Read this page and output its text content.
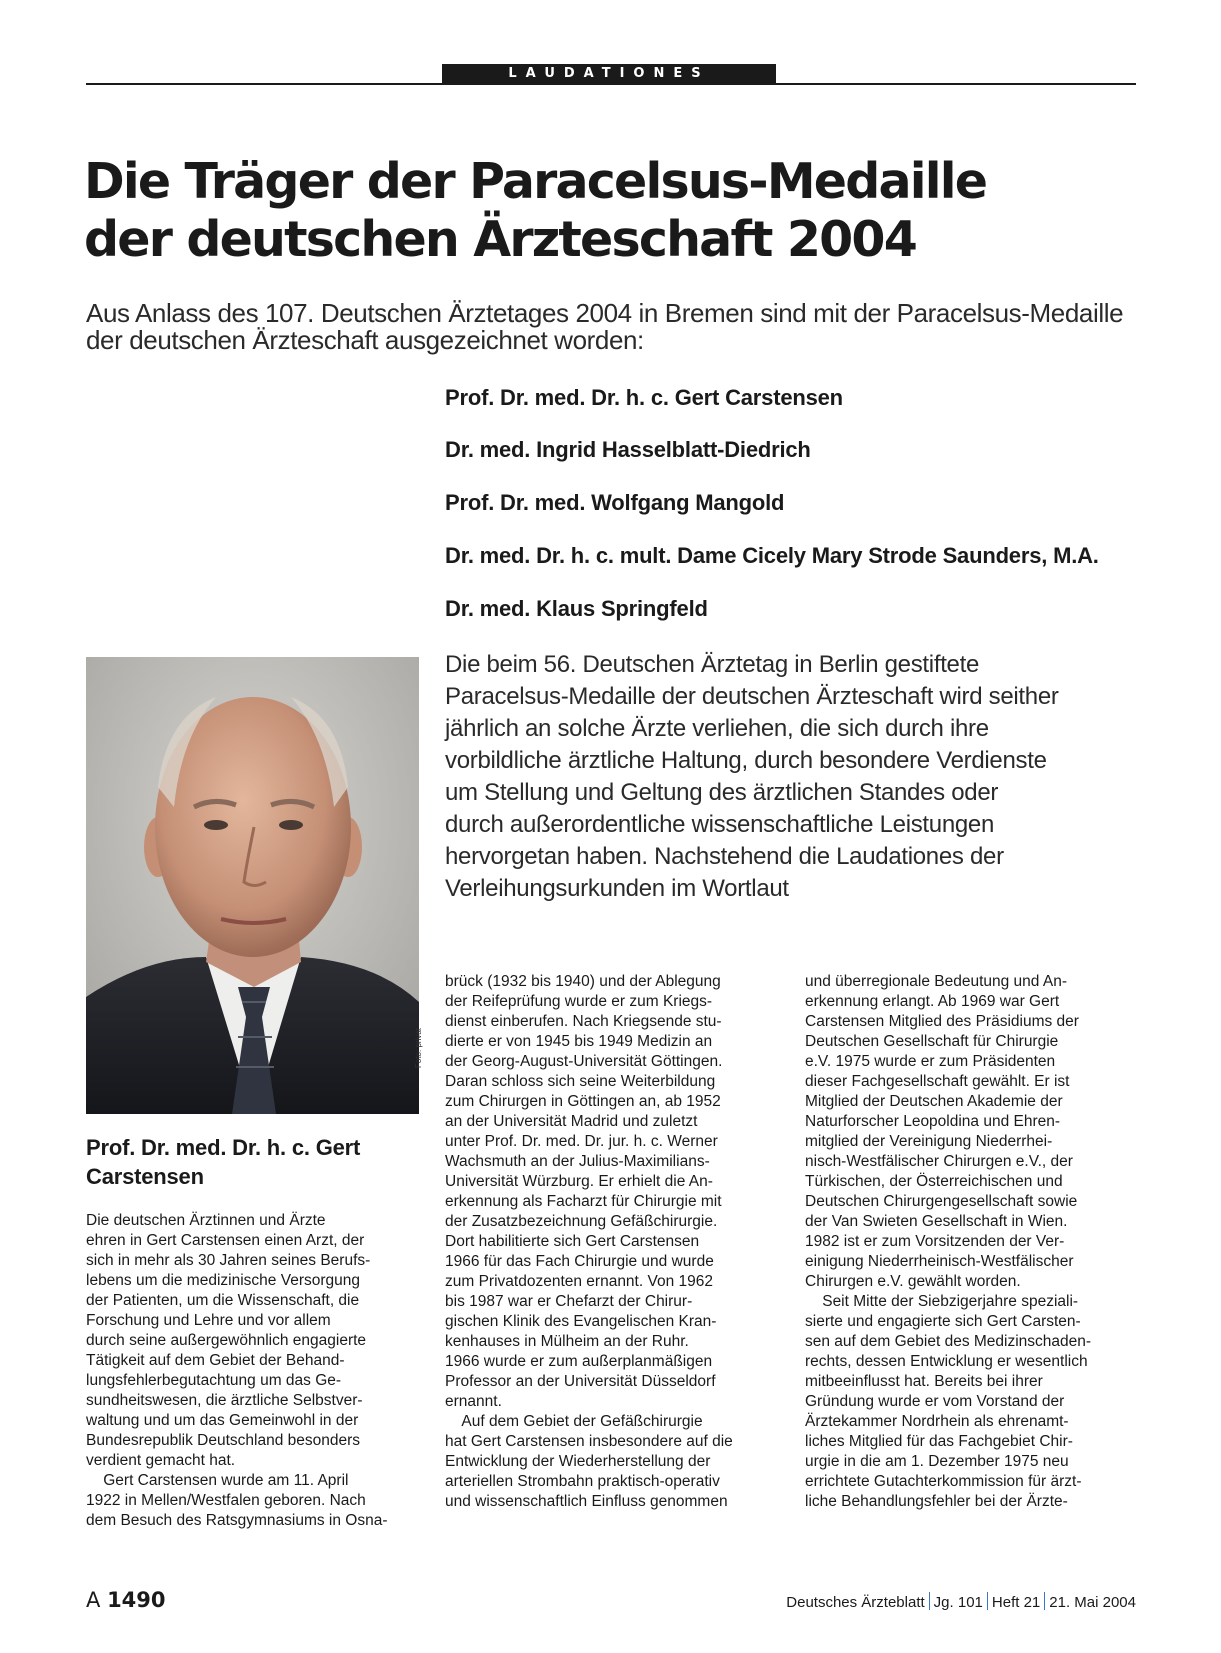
LAUDATIONES
Die Träger der Paracelsus-Medaille
der deutschen Ärzteschaft 2004
Aus Anlass des 107. Deutschen Ärztetages 2004 in Bremen sind mit der Paracelsus-Medaille
der deutschen Ärzteschaft ausgezeichnet worden:
Prof. Dr. med. Dr. h. c. Gert Carstensen
Dr. med. Ingrid Hasselblatt-Diedrich
Prof. Dr. med. Wolfgang Mangold
Dr. med. Dr. h. c. mult. Dame Cicely Mary Strode Saunders, M.A.
Dr. med. Klaus Springfeld
Foto: privat
Die beim 56. Deutschen Ärztetag in Berlin gestiftete
Paracelsus-Medaille der deutschen Ärzteschaft wird seither
jährlich an solche Ärzte verliehen, die sich durch ihre
vorbildliche ärztliche Haltung, durch besondere Verdienste
um Stellung und Geltung des ärztlichen Standes oder
durch außerordentliche wissenschaftliche Leistungen
hervorgetan haben. Nachstehend die Laudationes der
Verleihungsurkunden im Wortlaut
Prof. Dr. med. Dr. h. c. Gert Carstensen
Die deutschen Ärztinnen und Ärzte
ehren in Gert Carstensen einen Arzt, der
sich in mehr als 30 Jahren seines Berufs-
lebens um die medizinische Versorgung
der Patienten, um die Wissenschaft, die
Forschung und Lehre und vor allem
durch seine außergewöhnlich engagierte
Tätigkeit auf dem Gebiet der Behand-
lungsfehlerbegutachtung um das Ge-
sundheitswesen, die ärztliche Selbstver-
waltung und um das Gemeinwohl in der
Bundesrepublik Deutschland besonders
verdient gemacht hat.
Gert Carstensen wurde am 11. April
1922 in Mellen/Westfalen geboren. Nach
dem Besuch des Ratsgymnasiums in Osna-
brück (1932 bis 1940) und der Ablegung
der Reifeprüfung wurde er zum Kriegs-
dienst einberufen. Nach Kriegsende stu-
dierte er von 1945 bis 1949 Medizin an
der Georg-August-Universität Göttingen.
Daran schloss sich seine Weiterbildung
zum Chirurgen in Göttingen an, ab 1952
an der Universität Madrid und zuletzt
unter Prof. Dr. med. Dr. jur. h. c. Werner
Wachsmuth an der Julius-Maximilians-
Universität Würzburg. Er erhielt die An-
erkennung als Facharzt für Chirurgie mit
der Zusatzbezeichnung Gefäßchirurgie.
Dort habilitierte sich Gert Carstensen
1966 für das Fach Chirurgie und wurde
zum Privatdozenten ernannt. Von 1962
bis 1987 war er Chefarzt der Chirur-
gischen Klinik des Evangelischen Kran-
kenhauses in Mülheim an der Ruhr.
1966 wurde er zum außerplanmäßigen
Professor an der Universität Düsseldorf
ernannt.
Auf dem Gebiet der Gefäßchirurgie
hat Gert Carstensen insbesondere auf die
Entwicklung der Wiederherstellung der
arteriellen Strombahn praktisch-operativ
und wissenschaftlich Einfluss genommen
und überregionale Bedeutung und An-
erkennung erlangt. Ab 1969 war Gert
Carstensen Mitglied des Präsidiums der
Deutschen Gesellschaft für Chirurgie
e.V. 1975 wurde er zum Präsidenten
dieser Fachgesellschaft gewählt. Er ist
Mitglied der Deutschen Akademie der
Naturforscher Leopoldina und Ehren-
mitglied der Vereinigung Niederrhei-
nisch-Westfälischer Chirurgen e.V., der
Türkischen, der Österreichischen und
Deutschen Chirurgengesellschaft sowie
der Van Swieten Gesellschaft in Wien.
1982 ist er zum Vorsitzenden der Ver-
einigung Niederrheinisch-Westfälischer
Chirurgen e.V. gewählt worden.
Seit Mitte der Siebzigerjahre speziali-
sierte und engagierte sich Gert Carsten-
sen auf dem Gebiet des Medizinschaden-
rechts, dessen Entwicklung er wesentlich
mitbeeinflusst hat. Bereits bei ihrer
Gründung wurde er vom Vorstand der
Ärztekammer Nordrhein als ehrenamt-
liches Mitglied für das Fachgebiet Chir-
urgie in die am 1. Dezember 1975 neu
errichtete Gutachterkommission für ärzt-
liche Behandlungsfehler bei der Ärzte-
A 1490	Deutsches Ärzteblatt Jg. 101 Heft 21 21. Mai 2004
